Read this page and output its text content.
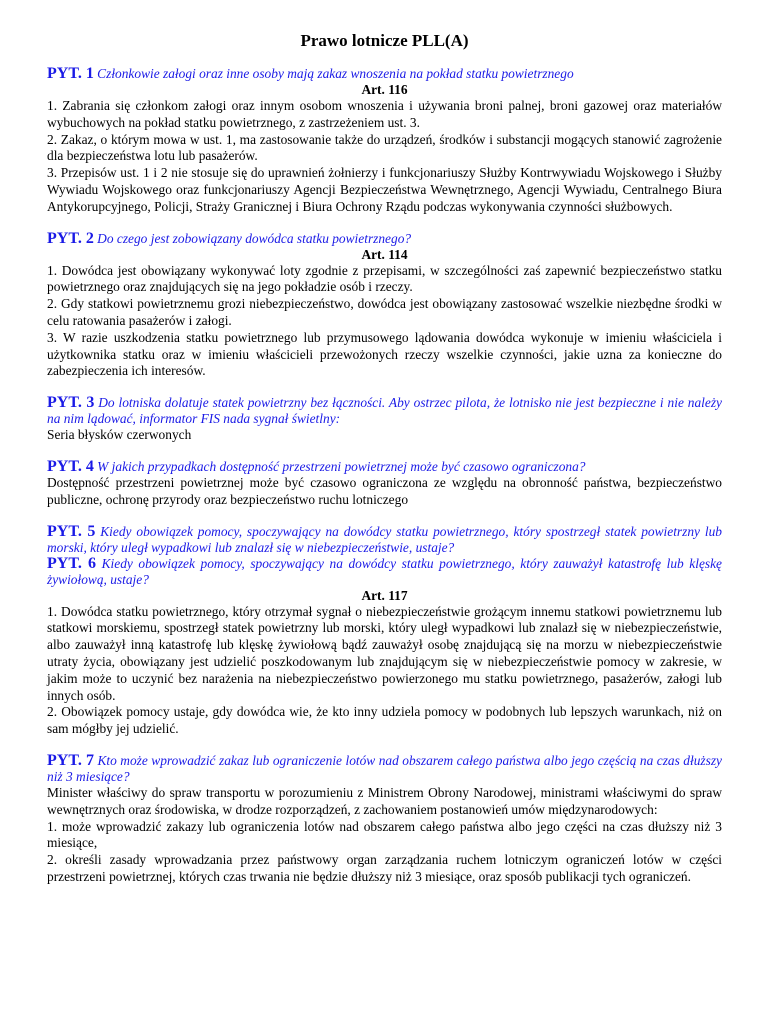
Prawo lotnicze PLL(A)
PYT. 1 Członkowie załogi oraz inne osoby mają zakaz wnoszenia na pokład statku powietrznego
Art. 116

1. Zabrania się członkom załogi oraz innym osobom wnoszenia i używania broni palnej, broni gazowej oraz materiałów wybuchowych na pokład statku powietrznego, z zastrzeżeniem ust. 3.

2. Zakaz, o którym mowa w ust. 1, ma zastosowanie także do urządzeń, środków i substancji mogących stanowić zagrożenie dla bezpieczeństwa lotu lub pasażerów.

3. Przepisów ust. 1 i 2 nie stosuje się do uprawnień żołnierzy i funkcjonariuszy Służby Kontrwywiadu Wojskowego i Służby Wywiadu Wojskowego oraz funkcjonariuszy Agencji Bezpieczeństwa Wewnętrznego, Agencji Wywiadu, Centralnego Biura Antykorupcyjnego, Policji, Straży Granicznej i Biura Ochrony Rządu podczas wykonywania czynności służbowych.

PYT. 2 Do czego jest zobowiązany dowódca statku powietrznego?
Art. 114

1. Dowódca jest obowiązany wykonywać loty zgodnie z przepisami, w szczególności zaś zapewnić bezpieczeństwo statku powietrznego oraz znajdujących się na jego pokładzie osób i rzeczy.

2. Gdy statkowi powietrznemu grozi niebezpieczeństwo, dowódca jest obowiązany zastosować wszelkie niezbędne środki w celu ratowania pasażerów i załogi.

3. W razie uszkodzenia statku powietrznego lub przymusowego lądowania dowódca wykonuje w imieniu właściciela i użytkownika statku oraz w imieniu właścicieli przewożonych rzeczy wszelkie czynności, jakie uzna za konieczne do zabezpieczenia ich interesów.

PYT. 3 Do lotniska dolatuje statek powietrzny bez łączności. Aby ostrzec pilota, że lotnisko nie jest bezpieczne i nie należy na nim lądować, informator FIS nada sygnał świetlny:

Seria błysków czerwonych

PYT. 4 W jakich przypadkach dostępność przestrzeni powietrznej może być czasowo ograniczona?

Dostępność przestrzeni powietrznej może być czasowo ograniczona ze względu na obronność państwa, bezpieczeństwo publiczne, ochronę przyrody oraz bezpieczeństwo ruchu lotniczego

PYT. 5 Kiedy obowiązek pomocy, spoczywający na dowódcy statku powietrznego, który spostrzegł statek powietrzny lub morski, który uległ wypadkowi lub znalazł się w niebezpieczeństwie, ustaje?
PYT. 6 Kiedy obowiązek pomocy, spoczywający na dowódcy statku powietrznego, który zauważył katastrofę lub klęskę żywiołową, ustaje?
Art. 117

1. Dowódca statku powietrznego, który otrzymał sygnał o niebezpieczeństwie grożącym innemu statkowi powietrznemu lub statkowi morskiemu, spostrzegł statek powietrzny lub morski, który uległ wypadkowi lub znalazł się w niebezpieczeństwie, albo zauważył inną katastrofę lub klęskę żywiołową bądź zauważył osobę znajdującą się na morzu w niebezpieczeństwie utraty życia, obowiązany jest udzielić poszkodowanym lub znajdującym się w niebezpieczeństwie pomocy w zakresie, w jakim może to uczynić bez narażenia na niebezpieczeństwo powierzonego mu statku powietrznego, pasażerów, załogi lub innych osób.

2. Obowiązek pomocy ustaje, gdy dowódca wie, że kto inny udziela pomocy w podobnych lub lepszych warunkach, niż on sam mógłby jej udzielić.

PYT. 7 Kto może wprowadzić zakaz lub ograniczenie lotów nad obszarem całego państwa albo jego częścią na czas dłuższy niż 3 miesiące?

Minister właściwy do spraw transportu w porozumieniu z Ministrem Obrony Narodowej, ministrami właściwymi do spraw wewnętrznych oraz środowiska, w drodze rozporządzeń, z zachowaniem postanowień umów międzynarodowych:

1. może wprowadzić zakazy lub ograniczenia lotów nad obszarem całego państwa albo jego części na czas dłuższy niż 3 miesiące,

2. określi zasady wprowadzania przez państwowy organ zarządzania ruchem lotniczym ograniczeń lotów w części przestrzeni powietrznej, których czas trwania nie będzie dłuższy niż 3 miesiące, oraz sposób publikacji tych ograniczeń.
